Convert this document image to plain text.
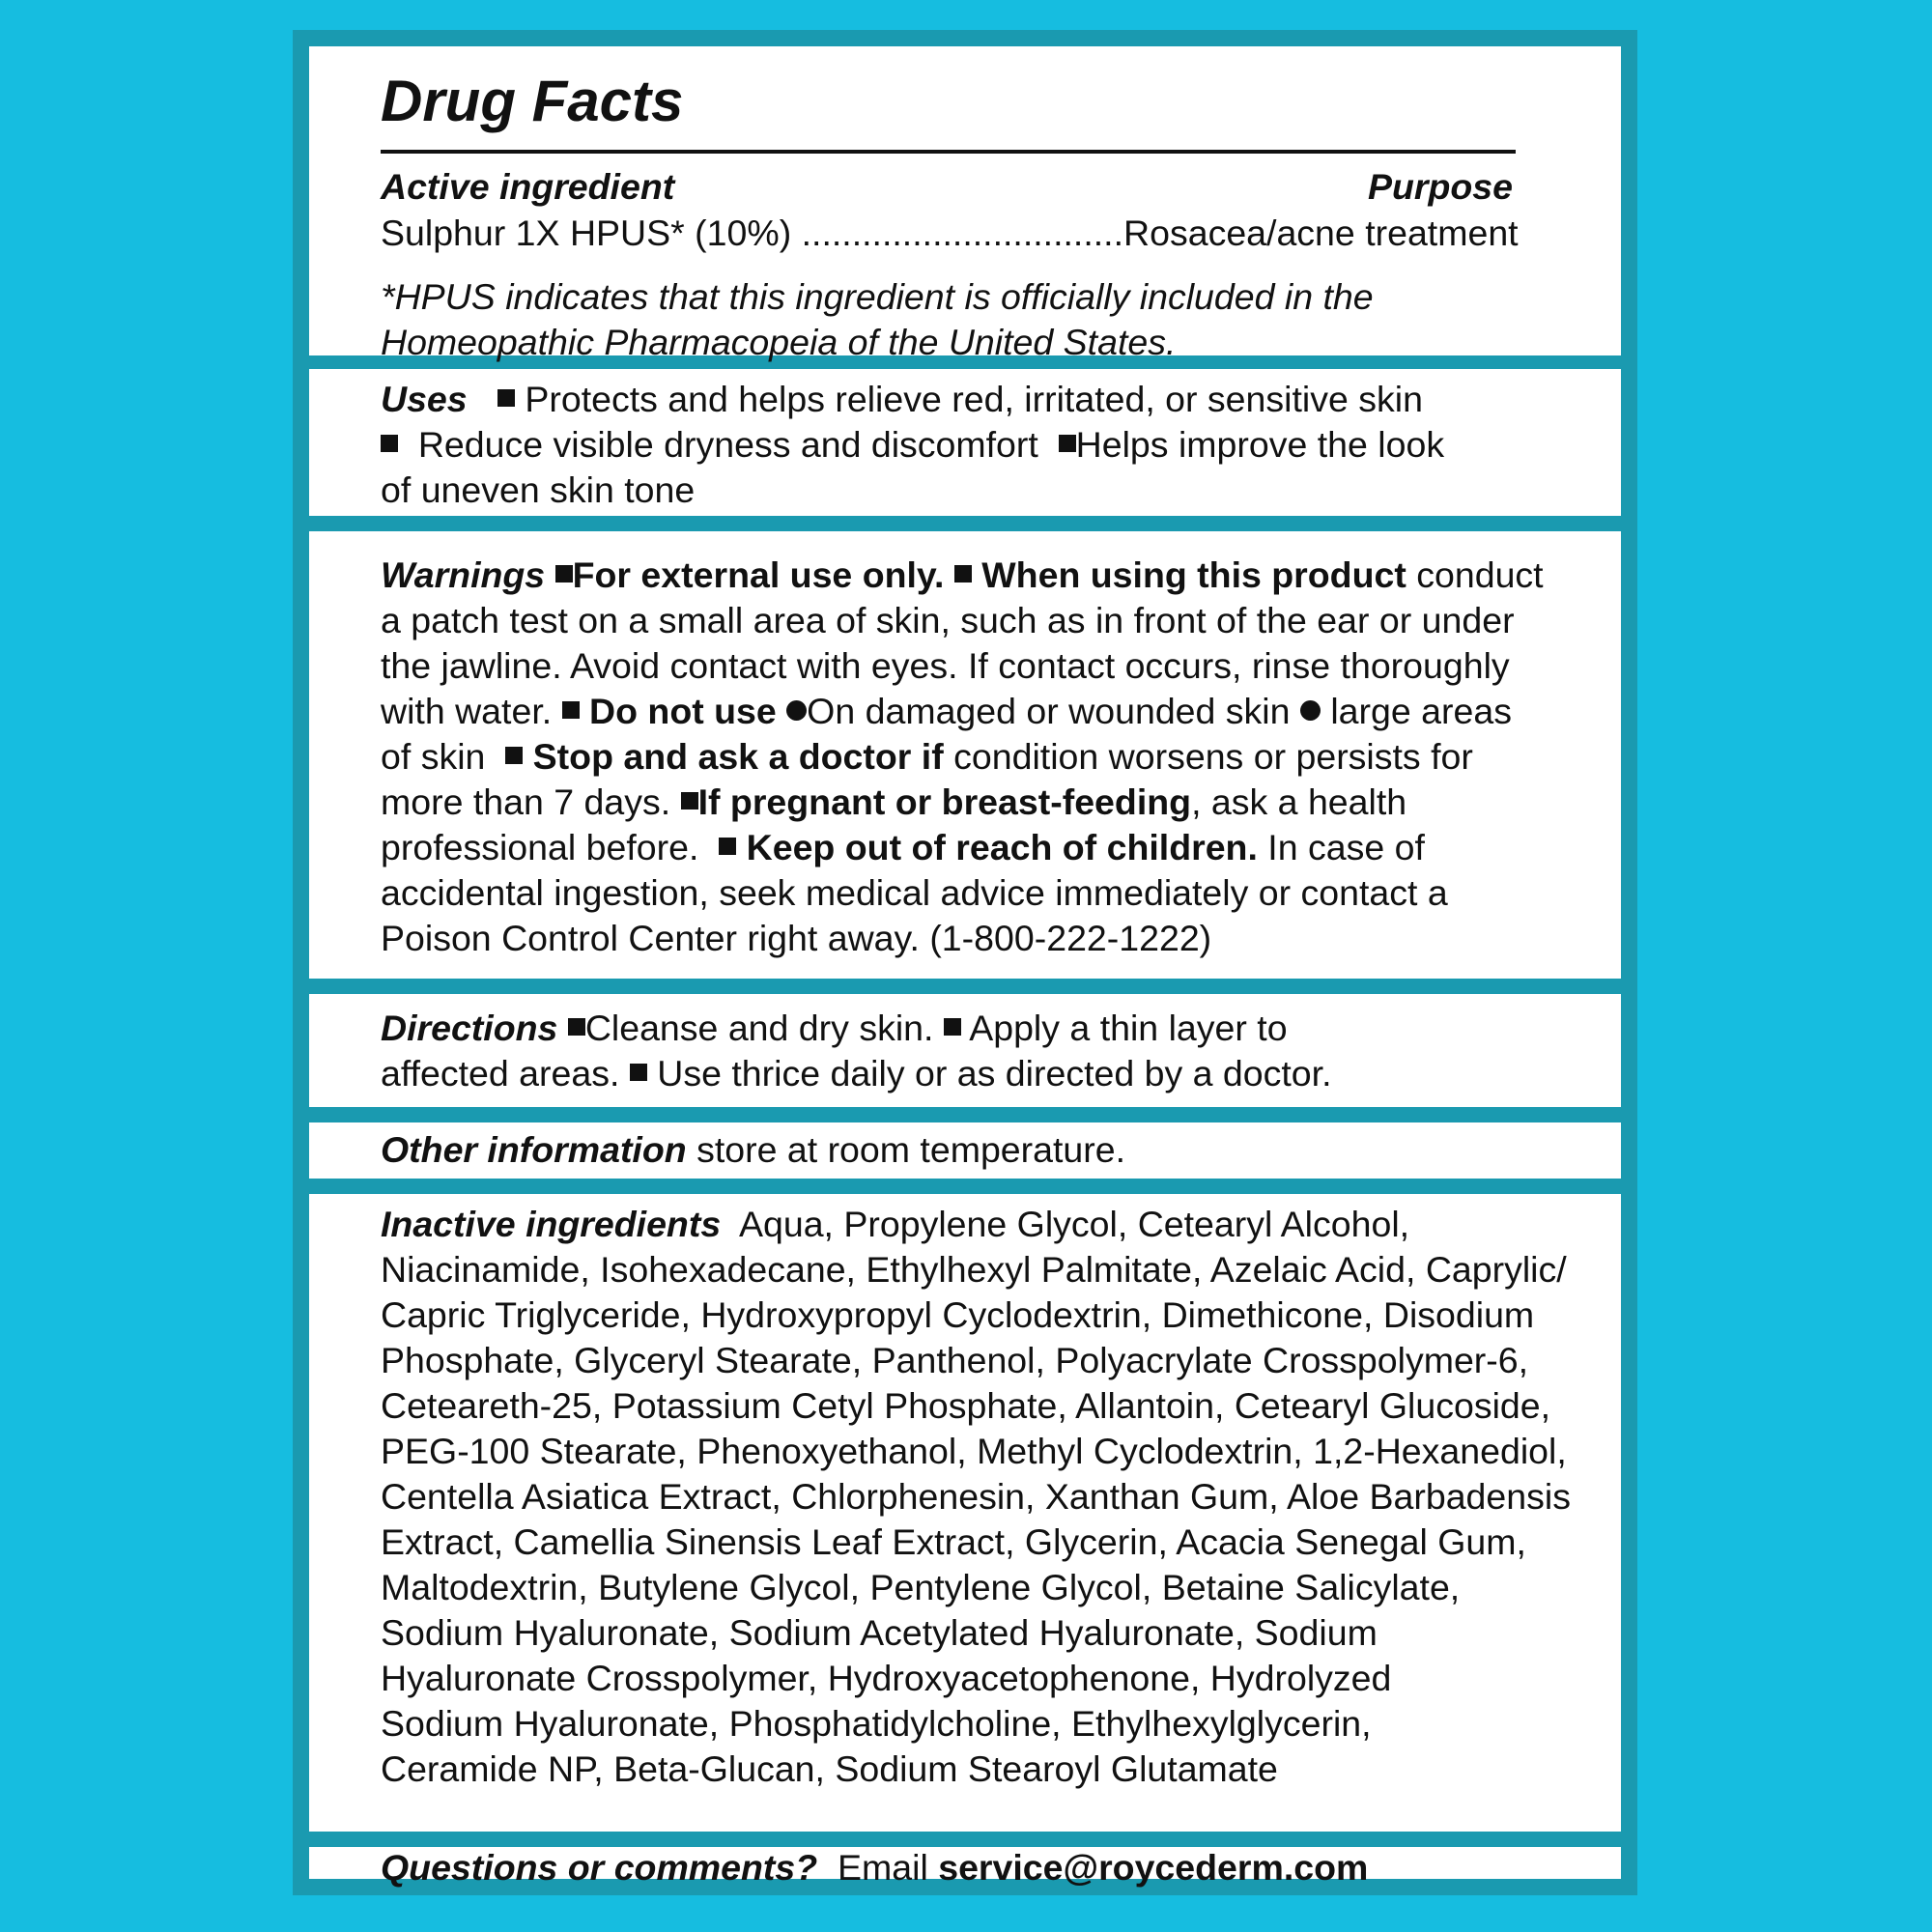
Drug Facts
Active ingredient	Purpose
Sulphur 1X HPUS* (10%) ................................Rosacea/acne treatment
*HPUS indicates that this ingredient is officially included in the
Homeopathic Pharmacopeia of the United States.
Uses Protects and helps relieve red, irritated, or sensitive skin
Reduce visible dryness and discomfort Helps improve the look
of uneven skin tone
Warnings For external use only. When using this product conduct
a patch test on a small area of skin, such as in front of the ear or under
the jawline. Avoid contact with eyes. If contact occurs, rinse thoroughly
with water. Do not use On damaged or wounded skin large areas
of skin Stop and ask a doctor if condition worsens or persists for
more than 7 days. If pregnant or breast-feeding, ask a health
professional before. Keep out of reach of children. In case of
accidental ingestion, seek medical advice immediately or contact a
Poison Control Center right away. (1-800-222-1222)
Directions Cleanse and dry skin. Apply a thin layer to
affected areas. Use thrice daily or as directed by a doctor.
Other information store at room temperature.
Inactive ingredients Aqua, Propylene Glycol, Cetearyl Alcohol,
Niacinamide, Isohexadecane, Ethylhexyl Palmitate, Azelaic Acid, Caprylic/
Capric Triglyceride, Hydroxypropyl Cyclodextrin, Dimethicone, Disodium
Phosphate, Glyceryl Stearate, Panthenol, Polyacrylate Crosspolymer-6,
Ceteareth-25, Potassium Cetyl Phosphate, Allantoin, Cetearyl Glucoside,
PEG-100 Stearate, Phenoxyethanol, Methyl Cyclodextrin, 1,2-Hexanediol,
Centella Asiatica Extract, Chlorphenesin, Xanthan Gum, Aloe Barbadensis
Extract, Camellia Sinensis Leaf Extract, Glycerin, Acacia Senegal Gum,
Maltodextrin, Butylene Glycol, Pentylene Glycol, Betaine Salicylate,
Sodium Hyaluronate, Sodium Acetylated Hyaluronate, Sodium
Hyaluronate Crosspolymer, Hydroxyacetophenone, Hydrolyzed
Sodium Hyaluronate, Phosphatidylcholine, Ethylhexylglycerin,
Ceramide NP, Beta-Glucan, Sodium Stearoyl Glutamate
Questions or comments? Email service@roycederm.com
